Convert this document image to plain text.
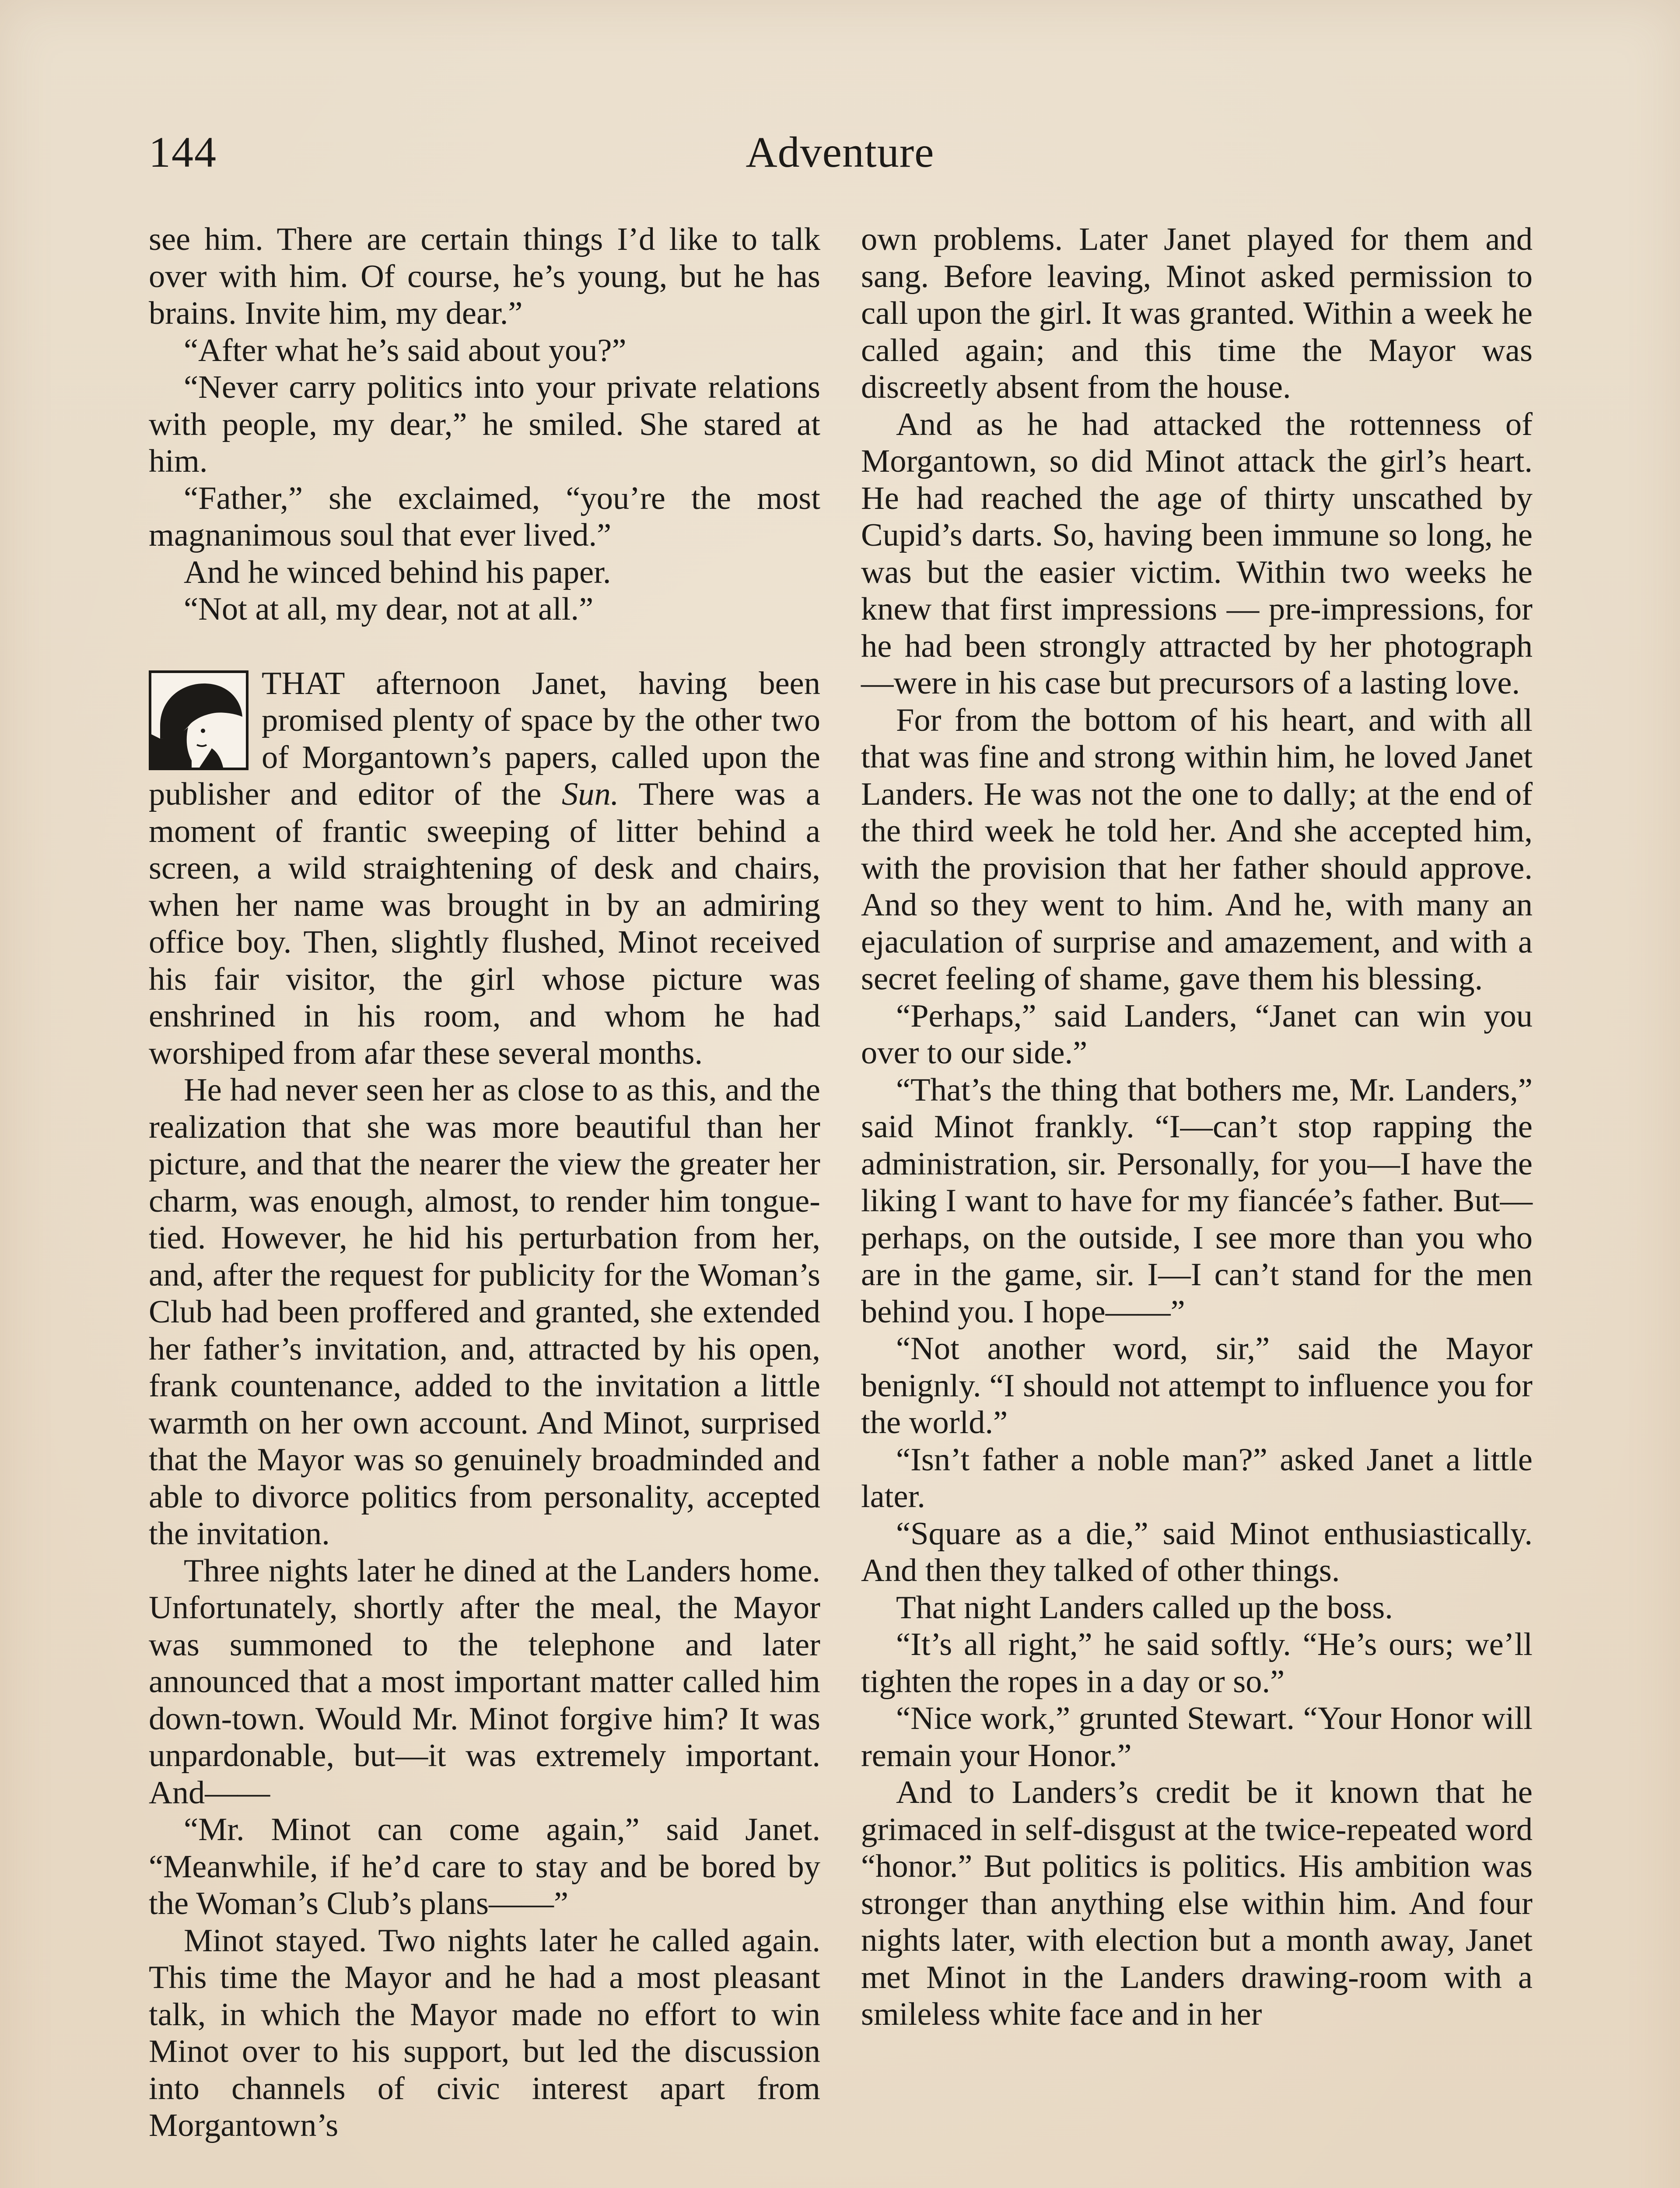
144	Adventure

see him. There are certain things I’d like to talk over with him. Of course, he’s young, but he has brains. Invite him, my dear.”

“After what he’s said about you?”

“Never carry politics into your private relations with people, my dear,” he smiled. She stared at him.

“Father,” she exclaimed, “you’re the most magnanimous soul that ever lived.”

And he winced behind his paper.

“Not at all, my dear, not at all.”

THAT afternoon Janet, having been promised plenty of space by the other two of Morgantown’s papers, called upon the publisher and editor of the Sun. There was a moment of frantic sweeping of litter behind a screen, a wild straightening of desk and chairs, when her name was brought in by an admiring office boy. Then, slightly flushed, Minot received his fair visitor, the girl whose picture was enshrined in his room, and whom he had worshiped from afar these several months.

He had never seen her as close to as this, and the realization that she was more beautiful than her picture, and that the nearer the view the greater her charm, was enough, almost, to render him tongue-tied. However, he hid his perturbation from her, and, after the request for publicity for the Woman’s Club had been proffered and granted, she extended her father’s invitation, and, attracted by his open, frank countenance, added to the invitation a little warmth on her own account. And Minot, surprised that the Mayor was so genuinely broadminded and able to divorce politics from personality, accepted the invitation.

Three nights later he dined at the Landers home. Unfortunately, shortly after the meal, the Mayor was summoned to the telephone and later announced that a most important matter called him down-town. Would Mr. Minot forgive him? It was unpardonable, but—it was extremely important. And——

“Mr. Minot can come again,” said Janet. “Meanwhile, if he’d care to stay and be bored by the Woman’s Club’s plans——”

Minot stayed. Two nights later he called again. This time the Mayor and he had a most pleasant talk, in which the Mayor made no effort to win Minot over to his support, but led the discussion into channels of civic interest apart from Morgantown’s

own problems. Later Janet played for them and sang. Before leaving, Minot asked permission to call upon the girl. It was granted. Within a week he called again; and this time the Mayor was discreetly absent from the house.

And as he had attacked the rottenness of Morgantown, so did Minot attack the girl’s heart. He had reached the age of thirty unscathed by Cupid’s darts. So, having been immune so long, he was but the easier victim. Within two weeks he knew that first impressions — pre-impressions, for he had been strongly attracted by her photograph —were in his case but precursors of a lasting love.

For from the bottom of his heart, and with all that was fine and strong within him, he loved Janet Landers. He was not the one to dally; at the end of the third week he told her. And she accepted him, with the provision that her father should approve. And so they went to him. And he, with many an ejaculation of surprise and amazement, and with a secret feeling of shame, gave them his blessing.

“Perhaps,” said Landers, “Janet can win you over to our side.”

“That’s the thing that bothers me, Mr. Landers,” said Minot frankly. “I—can’t stop rapping the administration, sir. Personally, for you—I have the liking I want to have for my fiancée’s father. But—perhaps, on the outside, I see more than you who are in the game, sir. I—I can’t stand for the men behind you. I hope——”

“Not another word, sir,” said the Mayor benignly. “I should not attempt to influence you for the world.”

“Isn’t father a noble man?” asked Janet a little later.

“Square as a die,” said Minot enthusiastically. And then they talked of other things.

That night Landers called up the boss.

“It’s all right,” he said softly. “He’s ours; we’ll tighten the ropes in a day or so.”

“Nice work,” grunted Stewart. “Your Honor will remain your Honor.”

And to Landers’s credit be it known that he grimaced in self-disgust at the twice-repeated word “honor.” But politics is politics. His ambition was stronger than anything else within him. And four nights later, with election but a month away, Janet met Minot in the Landers drawing-room with a smileless white face and in her
